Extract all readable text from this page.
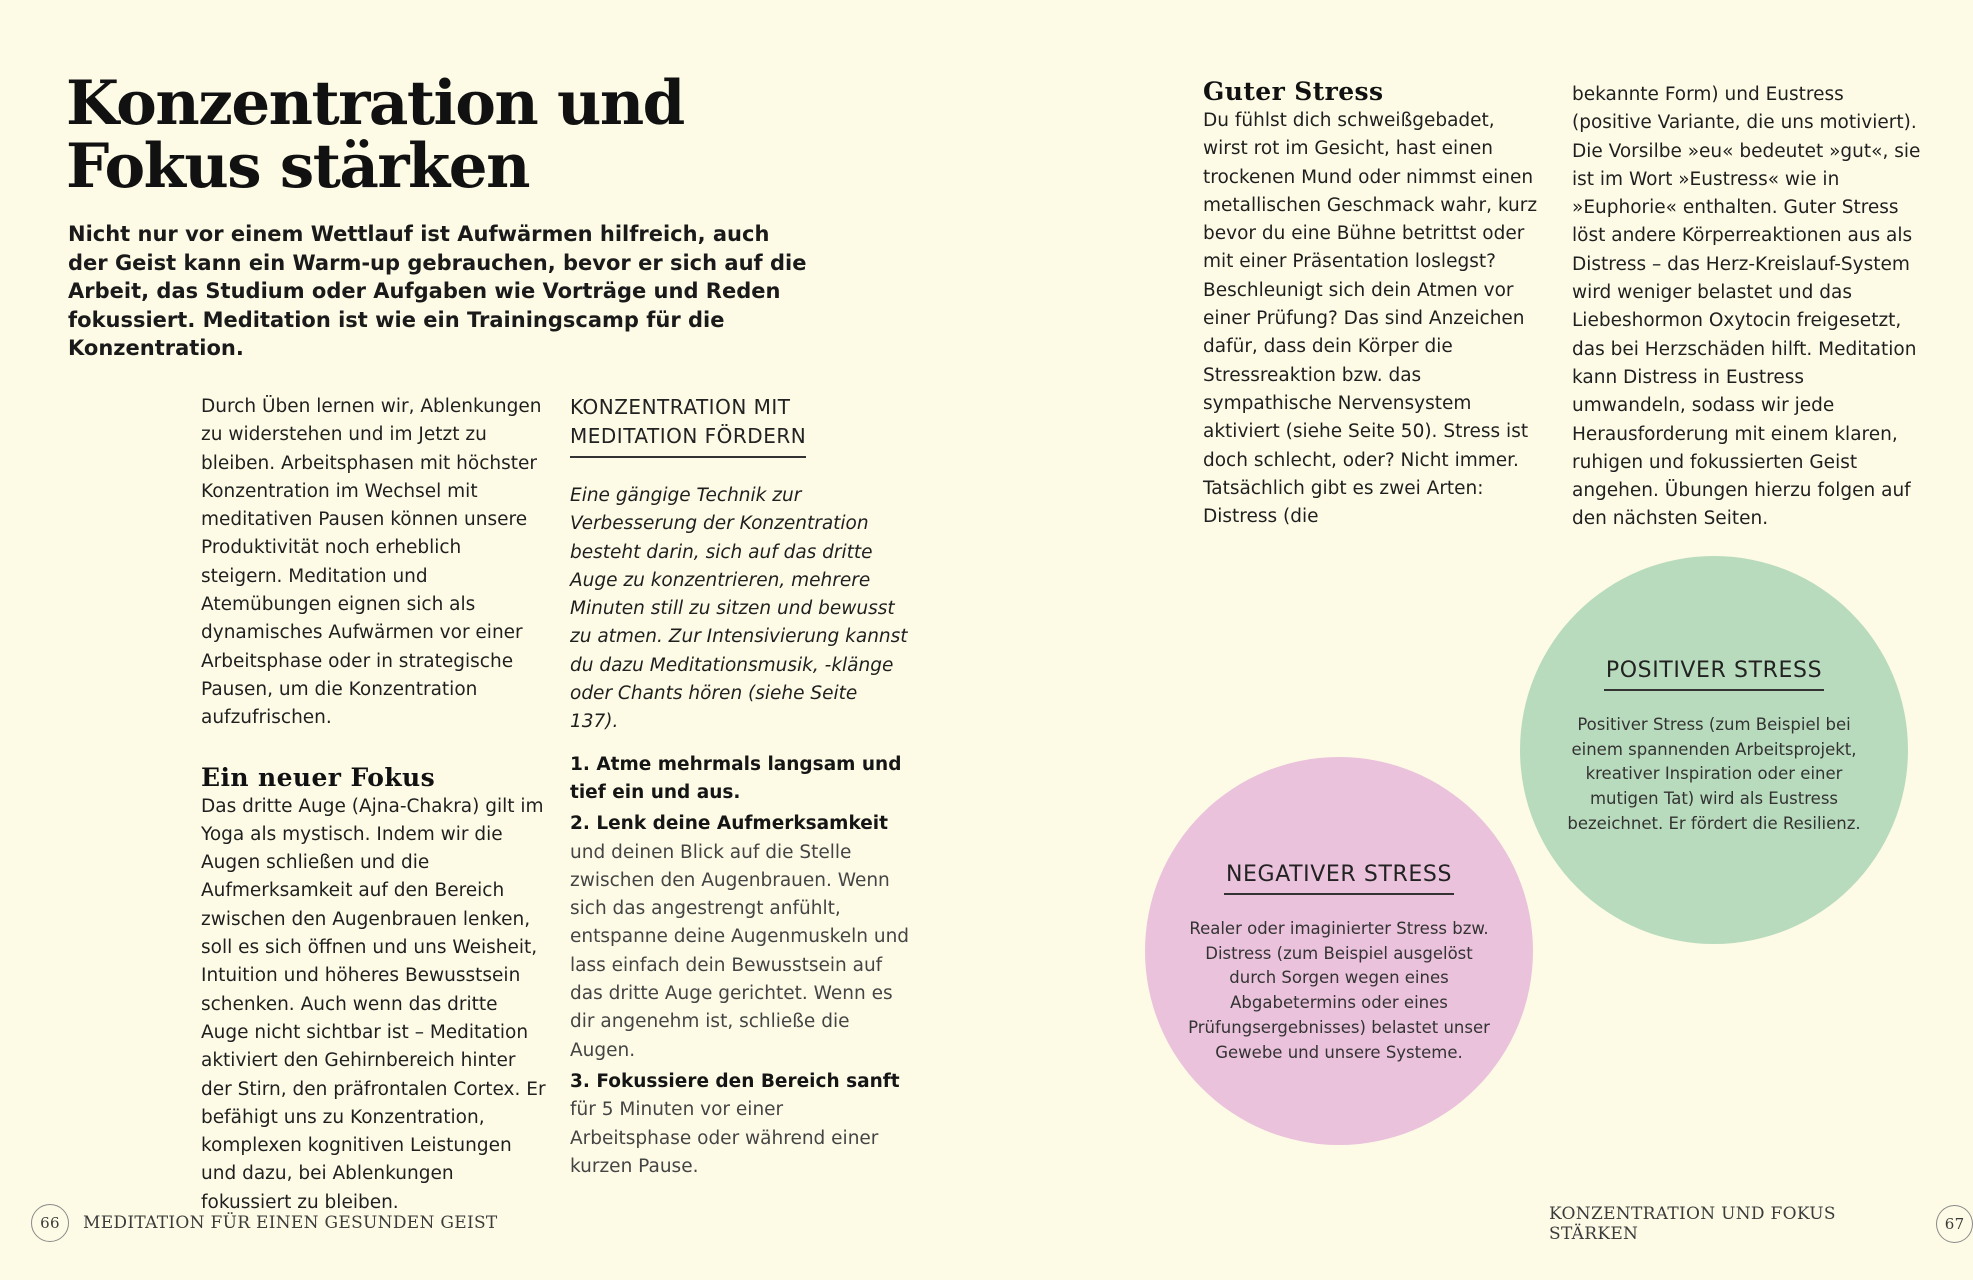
Konzentration und
Fokus stärken

Nicht nur vor einem Wettlauf ist Aufwärmen hilfreich, auch der Geist kann ein Warm-up gebrauchen, bevor er sich auf die Arbeit, das Studium oder Aufgaben wie Vorträge und Reden fokussiert. Meditation ist wie ein Trainingscamp für die Konzentration.

Durch Üben lernen wir, Ablenkungen zu widerstehen und im Jetzt zu bleiben. Arbeitsphasen mit höchster Konzentration im Wechsel mit meditativen Pausen können unsere Produktivität noch erheblich steigern. Meditation und Atemübungen eignen sich als dynamisches Aufwärmen vor einer Arbeitsphase oder in strategische Pausen, um die Konzentration aufzufrischen.

Ein neuer Fokus

Das dritte Auge (Ajna-Chakra) gilt im Yoga als mystisch. Indem wir die Augen schließen und die Aufmerksamkeit auf den Bereich zwischen den Augenbrauen lenken, soll es sich öffnen und uns Weisheit, Intuition und höheres Bewusstsein schenken. Auch wenn das dritte Auge nicht sichtbar ist – Meditation aktiviert den Gehirnbereich hinter der Stirn, den präfrontalen Cortex. Er befähigt uns zu Konzentration, komplexen kognitiven Leistungen und dazu, bei Ablenkungen fokussiert zu bleiben.

KONZENTRATION MIT
MEDITATION FÖRDERN

Eine gängige Technik zur Verbesserung der Konzentration besteht darin, sich auf das dritte Auge zu konzentrieren, mehrere Minuten still zu sitzen und bewusst zu atmen. Zur Intensivierung kannst du dazu Meditationsmusik, -klänge oder Chants hören (siehe Seite 137).

1. Atme mehrmals langsam und tief ein und aus.

2. Lenk deine Aufmerksamkeit und deinen Blick auf die Stelle zwischen den Augenbrauen. Wenn sich das angestrengt anfühlt, entspanne deine Augenmuskeln und lass einfach dein Bewusstsein auf das dritte Auge gerichtet. Wenn es dir angenehm ist, schließe die Augen.

3. Fokussiere den Bereich sanft für 5 Minuten vor einer Arbeitsphase oder während einer kurzen Pause.

66	MEDITATION FÜR EINEN GESUNDEN GEIST
Guter Stress

Du fühlst dich schweißgebadet, wirst rot im Gesicht, hast einen trockenen Mund oder nimmst einen metallischen Geschmack wahr, kurz bevor du eine Bühne betrittst oder mit einer Präsentation loslegst? Beschleunigt sich dein Atmen vor einer Prüfung? Das sind Anzeichen dafür, dass dein Körper die Stressreaktion bzw. das sympathische Nervensystem aktiviert (siehe Seite 50). Stress ist doch schlecht, oder? Nicht immer. Tatsächlich gibt es zwei Arten: Distress (die

bekannte Form) und Eustress (positive Variante, die uns motiviert). Die Vorsilbe »eu« bedeutet »gut«, sie ist im Wort »Eustress« wie in »Euphorie« enthalten. Guter Stress löst andere Körperreaktionen aus als Distress – das Herz-Kreislauf-System wird weniger belastet und das Liebeshormon Oxytocin freigesetzt, das bei Herzschäden hilft. Meditation kann Distress in Eustress umwandeln, sodass wir jede Herausforderung mit einem klaren, ruhigen und fokussierten Geist angehen. Übungen hierzu folgen auf den nächsten Seiten.

POSITIVER STRESS
Positiver Stress (zum Beispiel bei einem spannenden Arbeitsprojekt, kreativer Inspiration oder einer mutigen Tat) wird als Eustress bezeichnet. Er fördert die Resilienz.
NEGATIVER STRESS
Realer oder imaginierter Stress bzw. Distress (zum Beispiel ausgelöst durch Sorgen wegen eines Abgabetermins oder eines Prüfungsergebnisses) belastet unser Gewebe und unsere Systeme.
KONZENTRATION UND FOKUS STÄRKEN	67
